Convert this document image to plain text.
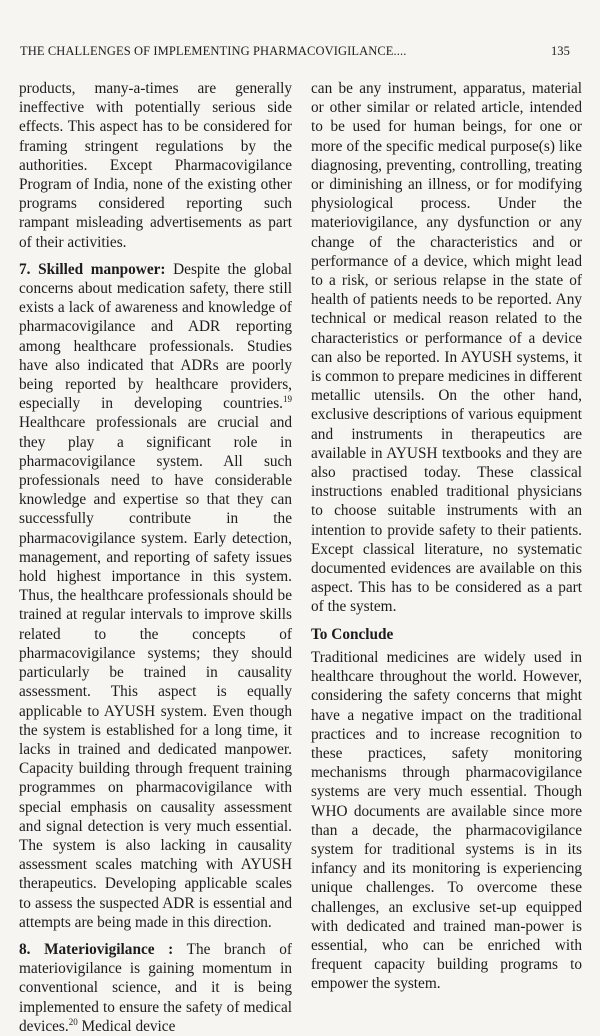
THE CHALLENGES OF IMPLEMENTING PHARMACOVIGILANCE....	135

products, many-a-times are generally ineffective with potentially serious side effects. This aspect has to be considered for framing stringent regulations by the authorities. Except Pharmacovigilance Program of India, none of the existing other programs considered reporting such rampant misleading advertisements as part of their activities.

7. Skilled manpower: Despite the global concerns about medication safety, there still exists a lack of awareness and knowledge of pharmacovigilance and ADR reporting among healthcare professionals. Studies have also indicated that ADRs are poorly being reported by healthcare providers, especially in developing countries.$^{19}$ Healthcare professionals are crucial and they play a significant role in pharmacovigilance system. All such professionals need to have considerable knowledge and expertise so that they can successfully contribute in the pharmacovigilance system. Early detection, management, and reporting of safety issues hold highest importance in this system. Thus, the healthcare professionals should be trained at regular intervals to improve skills related to the concepts of pharmacovigilance systems; they should particularly be trained in causality assessment. This aspect is equally applicable to AYUSH system. Even though the system is established for a long time, it lacks in trained and dedicated manpower. Capacity building through frequent training programmes on pharmacovigilance with special emphasis on causality assessment and signal detection is very much essential. The system is also lacking in causality assessment scales matching with AYUSH therapeutics. Developing applicable scales to assess the suspected ADR is essential and attempts are being made in this direction.

8. Materiovigilance : The branch of materiovigilance is gaining momentum in conventional science, and it is being implemented to ensure the safety of medical devices.$^{20}$ Medical device

can be any instrument, apparatus, material or other similar or related article, intended to be used for human beings, for one or more of the specific medical purpose(s) like diagnosing, preventing, controlling, treating or diminishing an illness, or for modifying physiological process. Under the materiovigilance, any dysfunction or any change of the characteristics and or performance of a device, which might lead to a risk, or serious relapse in the state of health of patients needs to be reported. Any technical or medical reason related to the characteristics or performance of a device can also be reported. In AYUSH systems, it is common to prepare medicines in different metallic utensils. On the other hand, exclusive descriptions of various equipment and instruments in therapeutics are available in AYUSH textbooks and they are also practised today. These classical instructions enabled traditional physicians to choose suitable instruments with an intention to provide safety to their patients. Except classical literature, no systematic documented evidences are available on this aspect. This has to be considered as a part of the system.

To Conclude

Traditional medicines are widely used in healthcare throughout the world. However, considering the safety concerns that might have a negative impact on the traditional practices and to increase recognition to these practices, safety monitoring mechanisms through pharmacovigilance systems are very much essential. Though WHO documents are available since more than a decade, the pharmacovigilance system for traditional systems is in its infancy and its monitoring is experiencing unique challenges. To overcome these challenges, an exclusive set-up equipped with dedicated and trained man-power is essential, who can be enriched with frequent capacity building programs to empower the system.
